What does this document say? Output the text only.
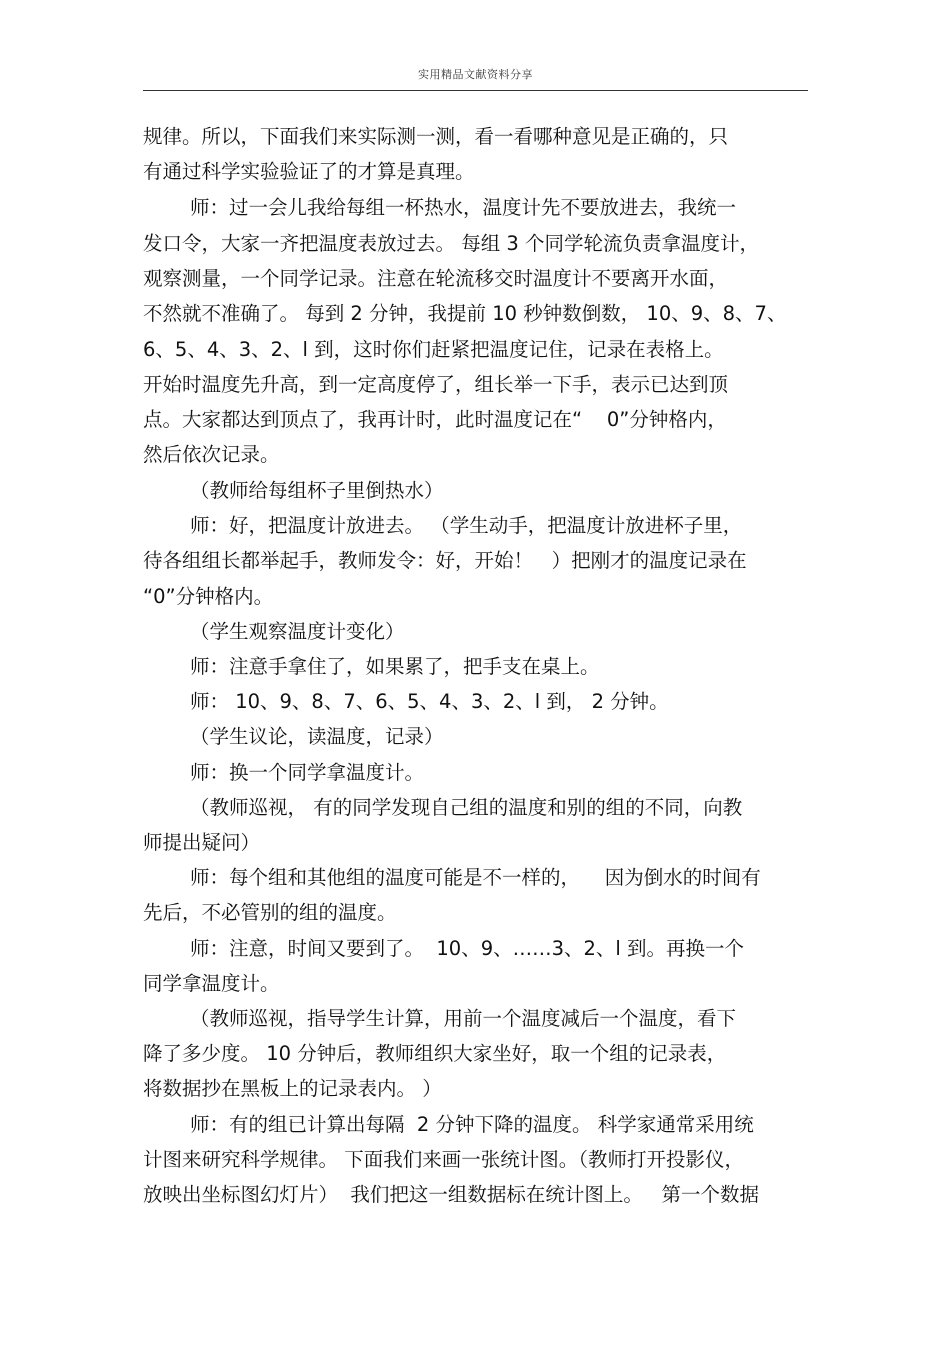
实用精品文献资料分享
规律。所以，下面我们来实际测一测，看一看哪种意见是正确的，只
有通过科学实验验证了的才算是真理。
师：过一会儿我给每组一杯热水，温度计先不要放进去，我统一
发口令，大家一齐把温度表放过去。 每组 3 个同学轮流负责拿温度计，
观察测量，一个同学记录。注意在轮流移交时温度计不要离开水面，
不然就不准确了。 每到 2 分钟，我提前 10 秒钟数倒数， 10、9、8、7、
6、5、4、3、2、l 到，这时你们赶紧把温度记住，记录在表格上。
开始时温度先升高，到一定高度停了，组长举一下手，表示已达到顶
点。大家都达到顶点了，我再计时，此时温度记在“    0”分钟格内，
然后依次记录。
（教师给每组杯子里倒热水）
师：好，把温度计放进去。 （学生动手，把温度计放进杯子里，
待各组组长都举起手，教师发令：好，开始！   ）把刚才的温度记录在
“0”分钟格内。
（学生观察温度计变化）
师：注意手拿住了，如果累了，把手支在桌上。
师： 10、9、8、7、6、5、4、3、2、l 到， 2 分钟。
（学生议论，读温度，记录）
师：换一个同学拿温度计。
（教师巡视， 有的同学发现自己组的温度和别的组的不同，向教
师提出疑问）
师：每个组和其他组的温度可能是不一样的，    因为倒水的时间有
先后，不必管别的组的温度。
师：注意，时间又要到了。  10、9、……3、2、l 到。再换一个
同学拿温度计。
（教师巡视，指导学生计算，用前一个温度减后一个温度，看下
降了多少度。 10 分钟后，教师组织大家坐好，取一个组的记录表，
将数据抄在黑板上的记录表内。 ）
师：有的组已计算出每隔  2 分钟下降的温度。 科学家通常采用统
计图来研究科学规律。 下面我们来画一张统计图。（教师打开投影仪，
放映出坐标图幻灯片）  我们把这一组数据标在统计图上。   第一个数据
